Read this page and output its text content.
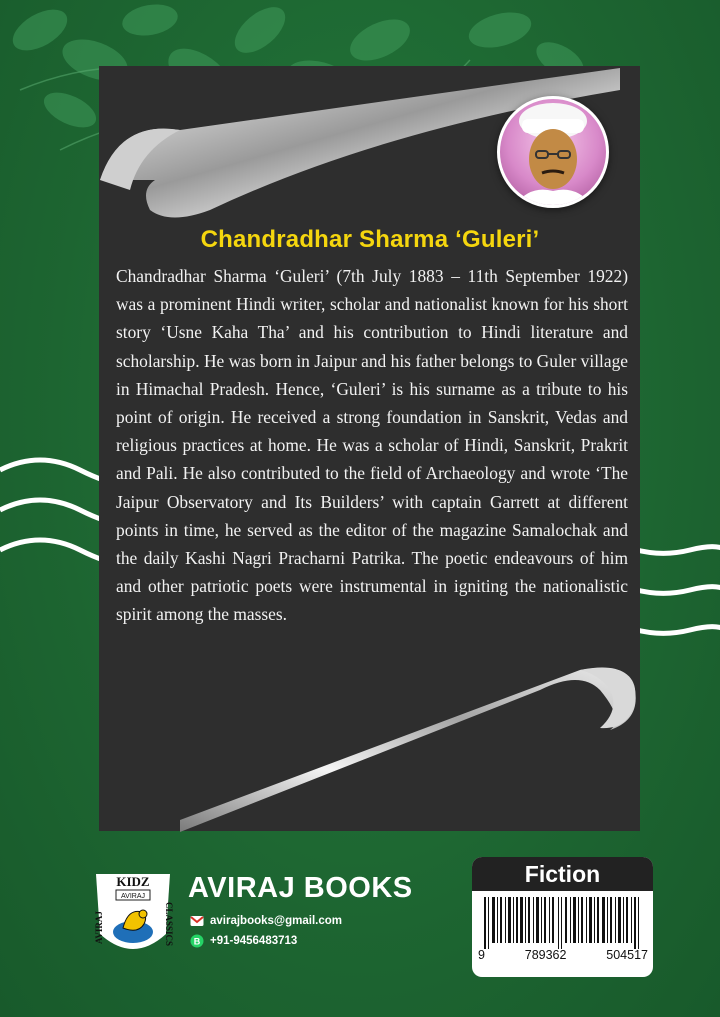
Chandradhar Sharma ‘Guleri’

Chandradhar Sharma ‘Guleri’ (7th July 1883 – 11th September 1922) was a prominent Hindi writer, scholar and nationalist known for his short story ‘Usne Kaha Tha’ and his contribution to Hindi literature and scholarship. He was born in Jaipur and his father belongs to Guler village in Himachal Pradesh. Hence, ‘Guleri’ is his surname as a tribute to his point of origin. He received a strong foundation in Sanskrit, Vedas and religious practices at home. He was a scholar of Hindi, Sanskrit, Prakrit and Pali. He also contributed to the field of Archaeology and wrote ‘The Jaipur Observatory and Its Builders’ with captain Garrett at different points in time, he served as the editor of the magazine Samalochak and the daily Kashi Nagri Pracharni Patrika. The poetic endeavours of him and other patriotic poets were instrumental in igniting the nationalistic spirit among the masses.

KIDZ
AVIRAJ
AVIRAJ	CLASSICS
AVIRAJ BOOKS
avirajbooks@gmail.com
B +91-9456483713
Fiction
9	789362	504517
